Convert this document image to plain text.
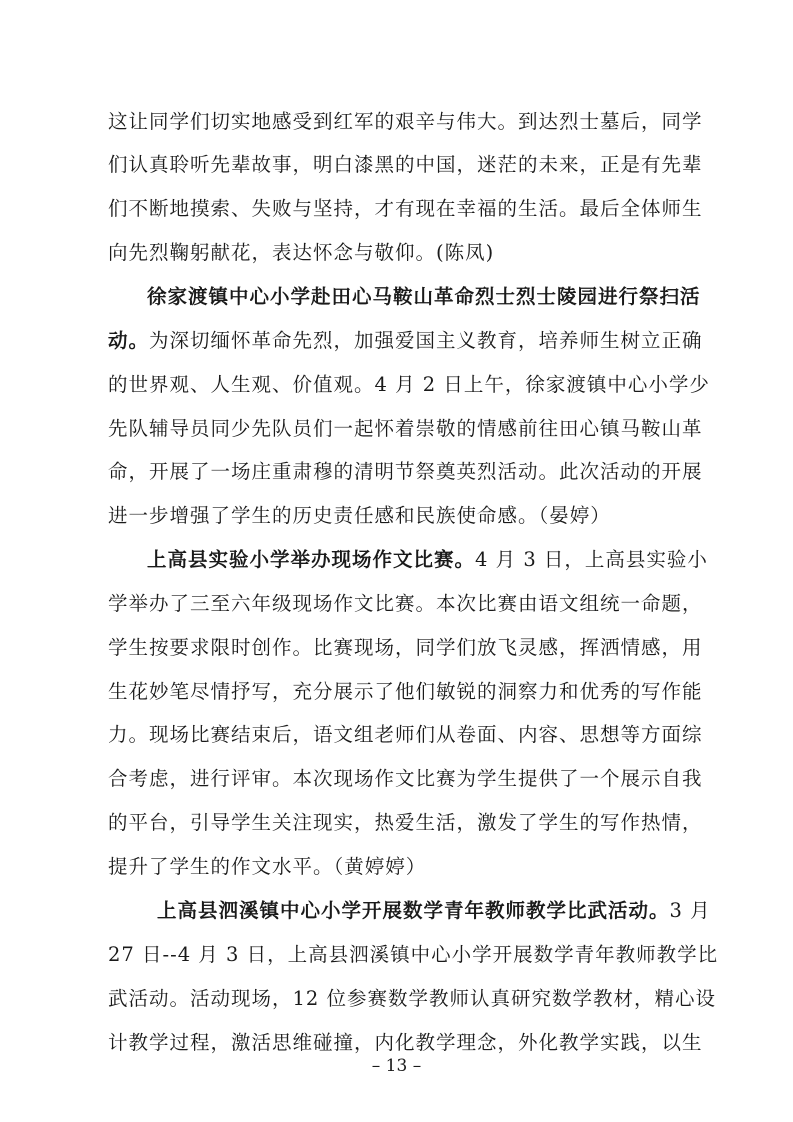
这让同学们切实地感受到红军的艰辛与伟大。到达烈士墓后，同学
们认真聆听先辈故事，明白漆黑的中国，迷茫的未来，正是有先辈
们不断地摸索、失败与坚持，才有现在幸福的生活。最后全体师生
向先烈鞠躬献花，表达怀念与敬仰。(陈凤)
徐家渡镇中心小学赴田心马鞍山革命烈士烈士陵园进行祭扫活
动。为深切缅怀革命先烈，加强爱国主义教育，培养师生树立正确
的世界观、人生观、价值观。4 月 2 日上午，徐家渡镇中心小学少
先队辅导员同少先队员们一起怀着崇敬的情感前往田心镇马鞍山革
命，开展了一场庄重肃穆的清明节祭奠英烈活动。此次活动的开展
进一步增强了学生的历史责任感和民族使命感。（晏婷）
上高县实验小学举办现场作文比赛。4 月 3 日，上高县实验小
学举办了三至六年级现场作文比赛。本次比赛由语文组统一命题，
学生按要求限时创作。比赛现场，同学们放飞灵感，挥洒情感，用
生花妙笔尽情抒写，充分展示了他们敏锐的洞察力和优秀的写作能
力。现场比赛结束后，语文组老师们从卷面、内容、思想等方面综
合考虑，进行评审。本次现场作文比赛为学生提供了一个展示自我
的平台，引导学生关注现实，热爱生活，激发了学生的写作热情，
提升了学生的作文水平。（黄婷婷）
上高县泗溪镇中心小学开展数学青年教师教学比武活动。3 月
27 日--4 月 3 日，上高县泗溪镇中心小学开展数学青年教师教学比
武活动。活动现场，12 位参赛数学教师认真研究数学教材，精心设
计教学过程，激活思维碰撞，内化教学理念，外化教学实践，以生
– 13 –
